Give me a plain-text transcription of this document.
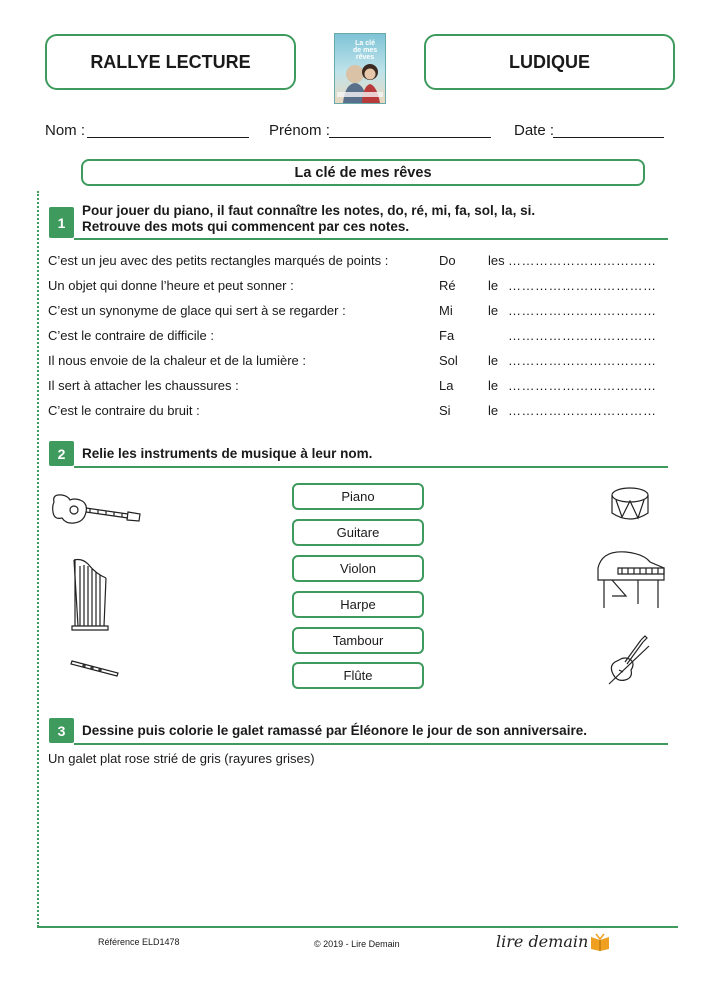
RALLYE LECTURE	LUDIQUE
La clé
de mes
rêves
Nom :	Prénom :	Date :
La clé de mes rêves
1
Pour jouer du piano, il faut connaître les notes, do, ré, mi, fa, sol, la, si.
Retrouve des mots qui commencent par ces notes.
C’est un jeu avec des petits rectangles marqués de points :	Do les ……………………………
Un objet qui donne l’heure et peut sonner :	Ré le ……………………………
C’est un synonyme de glace qui sert à se regarder :	Mi	le ……………………………
C’est le contraire de difficile :	Fa	……………………………
Il nous envoie de la chaleur et de la lumière :	Sol le ……………………………
Il sert à attacher les chaussures :	La	le ……………………………
C’est le contraire du bruit :	Si	le ……………………………
2 Relie les instruments de musique à leur nom.
Piano
Guitare
Violon
Harpe
Tambour
Flûte
3 Dessine puis colorie le galet ramassé par Éléonore le jour de son anniversaire.
Un galet plat rose strié de gris (rayures grises)
Référence ELD1478	© 2019 - Lire Demain	lire demain
